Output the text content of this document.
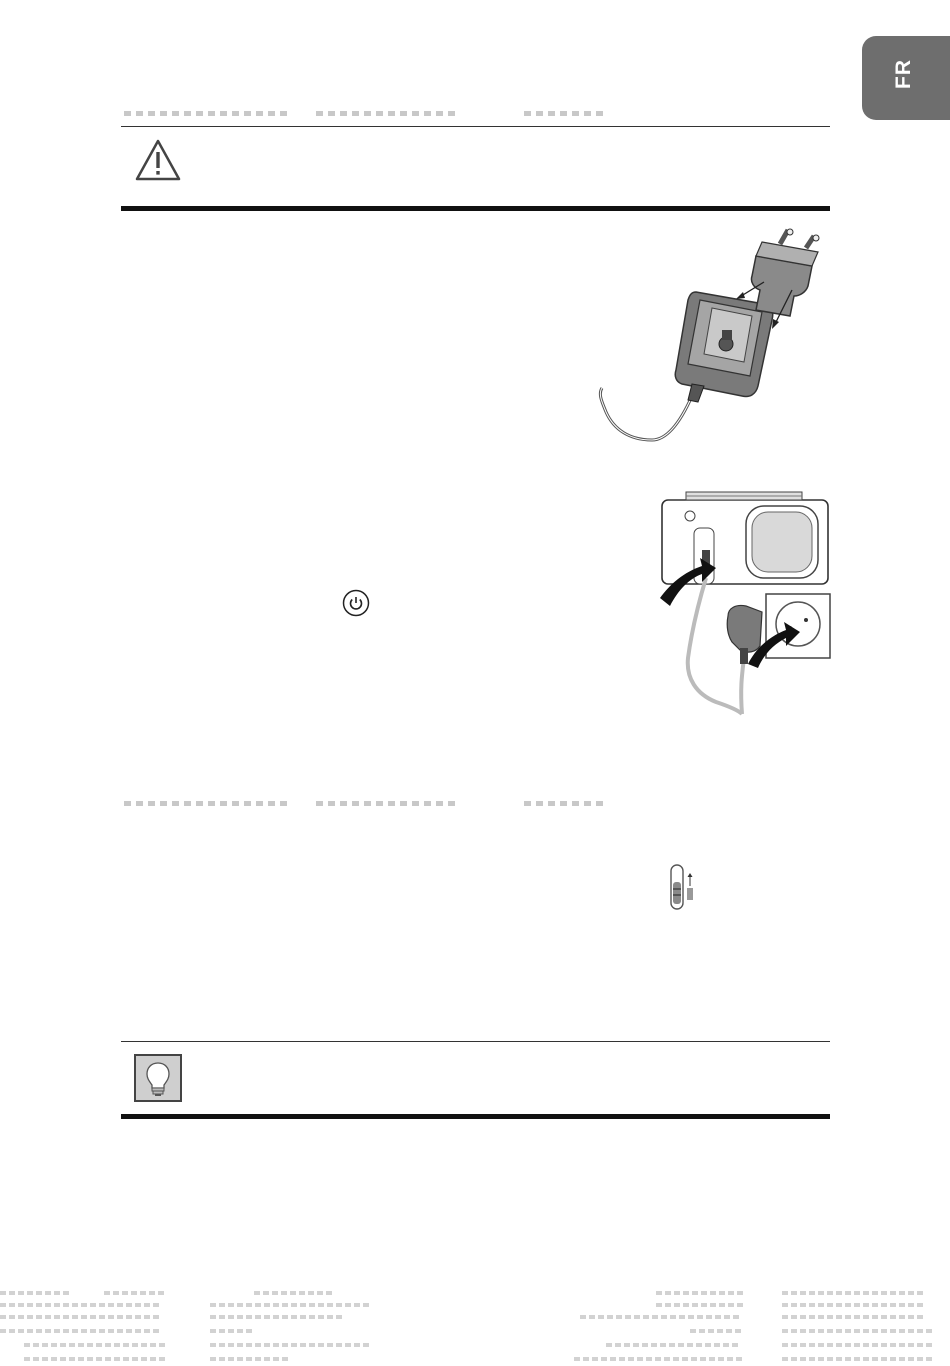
FR
